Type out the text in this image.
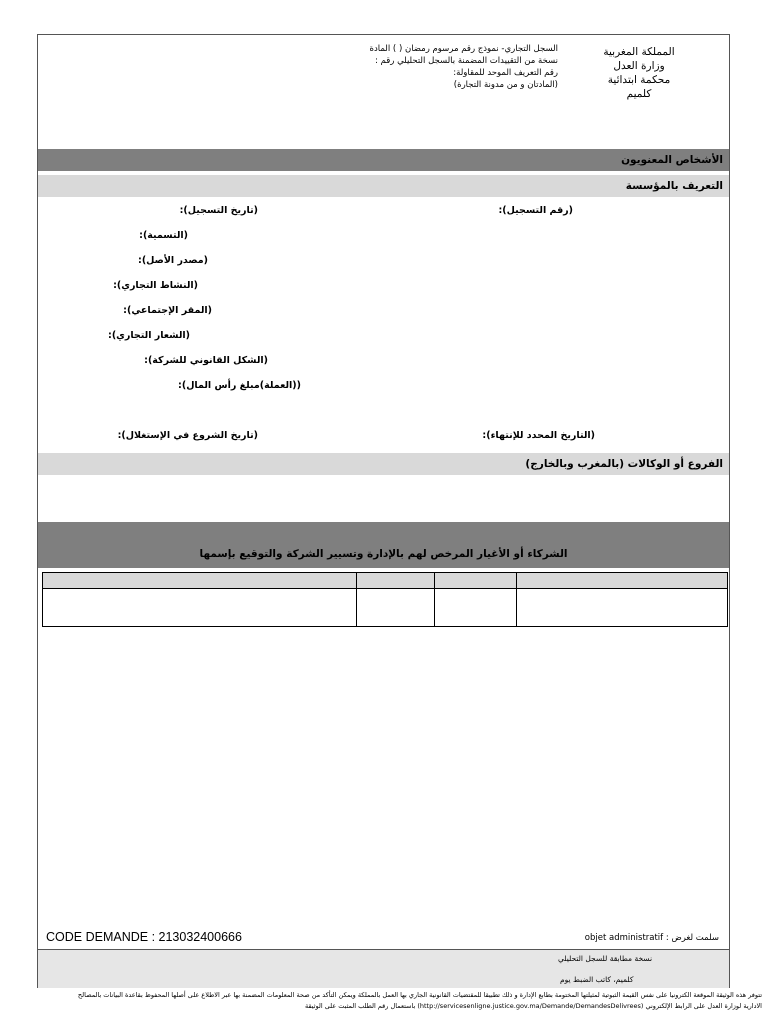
المملكة المغربية
وزارة العدل
محكمة ابتدائية
كلميم
السجل التجاري- نموذج رقم مرسوم رمضان ( ) المادة
نسخة من التقييدات المضمنة بالسجل التحليلي رقم :
رقم التعريف الموحد للمقاولة:
(المادتان و من مدونة التجارة)
الأشخاص المعنويون
التعريف بالمؤسسة
(رقم التسجيل):
(تاريخ التسجيل):
(التسمية):
(مصدر الأصل):
(النشاط التجاري):
(المقر الإجتماعي):
(الشعار التجاري):
(الشكل القانوني للشركة):
((العملة)مبلغ رأس المال):
(التاريخ المحدد للإنتهاء):
(تاريخ الشروع في الإستغلال):
الفروع أو الوكالات (بالمغرب وبالخارج)
الشركاء أو الأغيار المرخص لهم بالإدارة وتسيير الشركة والتوقيع بإسمها

CODE DEMANDE : 213032400666	سلمت لغرض : objet administratif
نسخة مطابقة للسجل التحليلي
كلميم، كاتب الضبط يوم
تتوفر هذه الوثيقة الموقعة الكترونيا على نفس القيمة الثبوتية لمثيلتها المختومة بطابع الإدارة و ذلك تطبيقا للمقتضيات القانونية الجاري بها العمل بالمملكة ويمكن التأكد من صحة المعلومات المضمنة بها عبر الاطلاع على أصلها المحفوظ بقاعدة البيانات بالمصالح
الادارية لوزارة العدل على الرابط الإلكتروني (http://servicesenligne.justice.gov.ma/Demande/DemandesDelivrees) باستعمال رقم الطلب المثبت على الوثيقة
